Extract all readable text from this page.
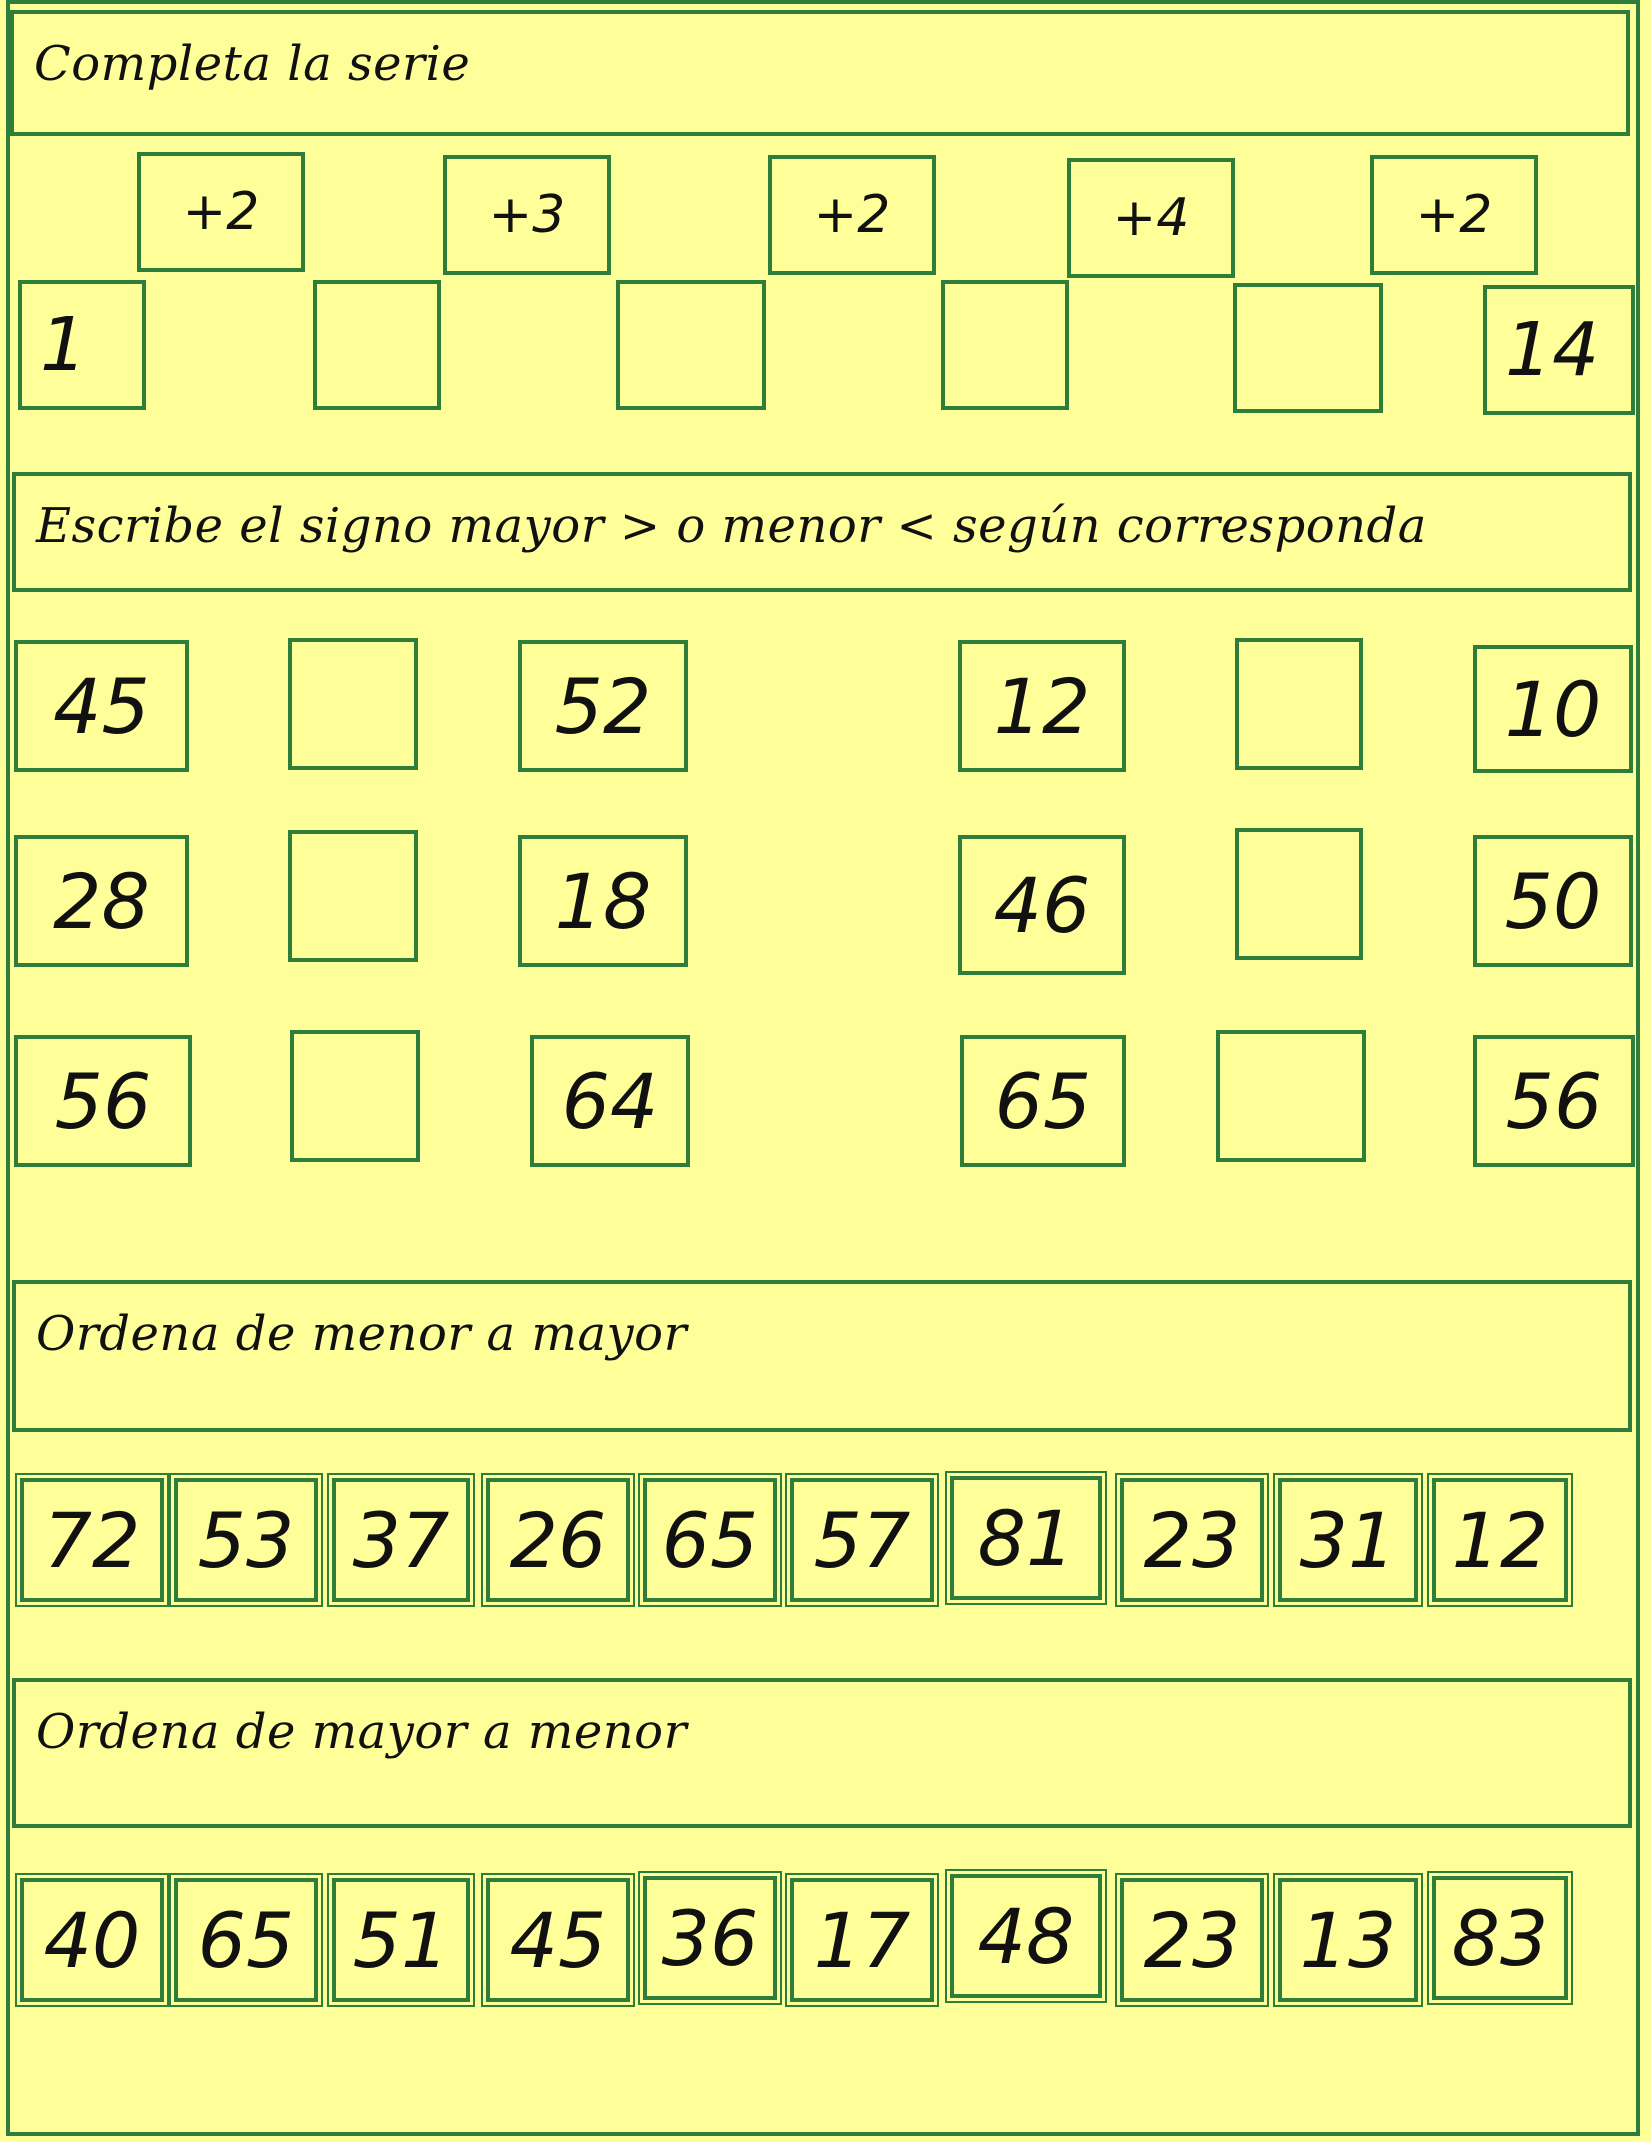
Completa la serie
+2	+3	+2	+4	+2
1	14
Escribe el signo mayor > o menor < según corresponda
45	52	12	10
28	18	46	50
56	64	65	56
Ordena de menor a mayor
72 53 37 26 65 57 81 23 31 12
Ordena de mayor a menor
40 65 51 45 36 17 48 23 13 83
